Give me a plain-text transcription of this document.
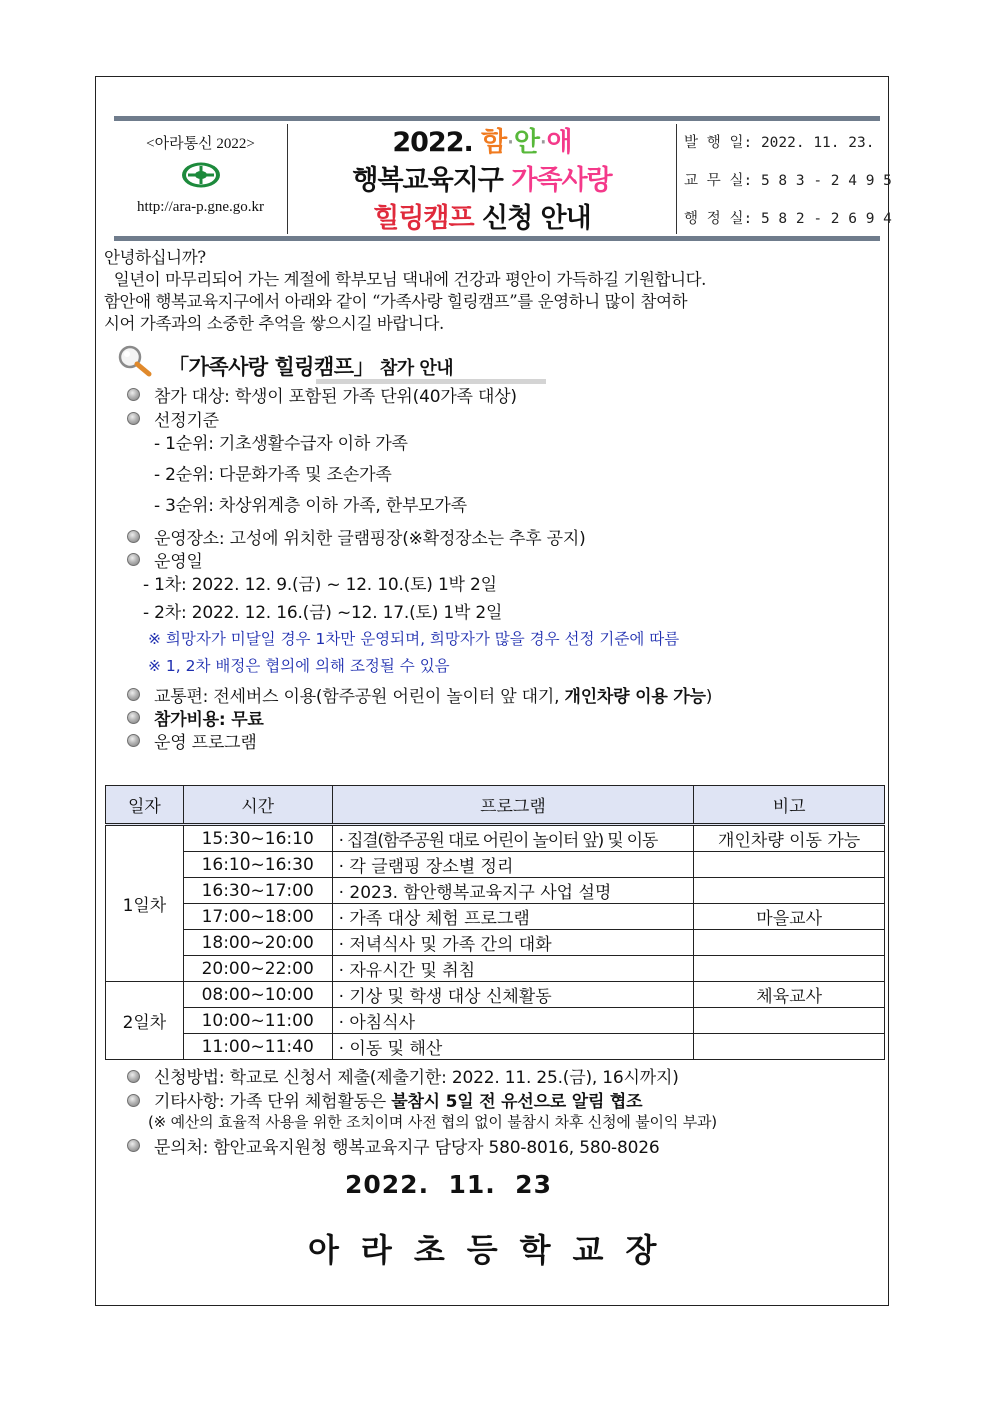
<아라통신 2022>
http://ara-p.gne.go.kr
2022. 함·안·애
행복교육지구 가족사랑
힐링캠프 신청 안내
발 행 일: 2022. 11. 23.
교 무 실: 5 8 3 - 2 4 9 5
행 정 실: 5 8 2 - 2 6 9 4

안녕하십니까?

일년이 마무리되어 가는 계절에 학부모님 댁내에 건강과 평안이 가득하길 기원합니다.

함안애 행복교육지구에서 아래와 같이 “가족사랑 힐링캠프”를 운영하니 많이 참여하

시어 가족과의 소중한 추억을 쌓으시길 바랍니다.

「가족사랑 힐링캠프」 참가 안내
참가 대상: 학생이 포함된 가족 단위(40가족 대상)
선정기준
- 1순위: 기초생활수급자 이하 가족
- 2순위: 다문화가족 및 조손가족
- 3순위: 차상위계층 이하 가족, 한부모가족
운영장소: 고성에 위치한 글램핑장(※확정장소는 추후 공지)
운영일
- 1차: 2022. 12. 9.(금) ~ 12. 10.(토) 1박 2일
- 2차: 2022. 12. 16.(금) ~12. 17.(토) 1박 2일
※ 희망자가 미달일 경우 1차만 운영되며, 희망자가 많을 경우 선정 기준에 따름
※ 1, 2차 배정은 협의에 의해 조정될 수 있음
교통편: 전세버스 이용(함주공원 어린이 놀이터 앞 대기, 개인차량 이용 가능)
참가비용: 무료
운영 프로그램
일자	시간	프로그램	비고
1일차	15:30~16:10	· 집결(함주공원 대로 어린이 놀이터 앞) 및 이동	개인차량 이동 가능
	16:10~16:30	· 각 글램핑 장소별 정리	
	16:30~17:00	· 2023. 함안행복교육지구 사업 설명	
	17:00~18:00	· 가족 대상 체험 프로그램	마을교사
	18:00~20:00	· 저녁식사 및 가족 간의 대화	
	20:00~22:00	· 자유시간 및 취침	
2일차	08:00~10:00	· 기상 및 학생 대상 신체활동	체육교사
	10:00~11:00	· 아침식사	
	11:00~11:40	· 이동 및 해산	
신청방법: 학교로 신청서 제출(제출기한: 2022. 11. 25.(금), 16시까지)
기타사항: 가족 단위 체험활동은 불참시 5일 전 유선으로 알림 협조
(※ 예산의 효율적 사용을 위한 조치이며 사전 협의 없이 불참시 차후 신청에 불이익 부과)
문의처: 함안교육지원청 행복교육지구 담당자 580-8016, 580-8026
2022.  11.  23
아라초등학교장
